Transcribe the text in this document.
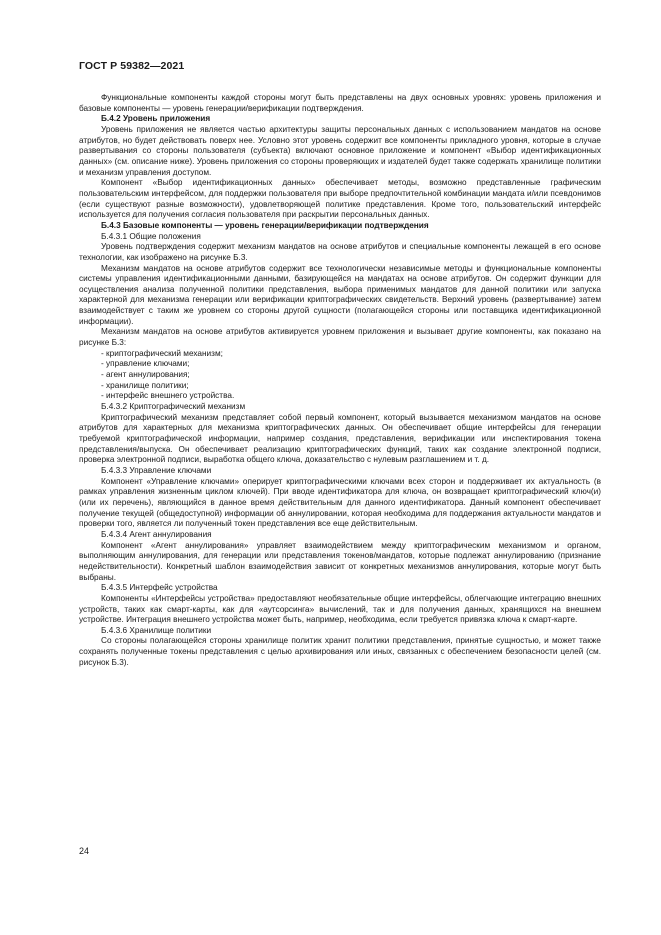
ГОСТ Р 59382—2021

Функциональные компоненты каждой стороны могут быть представлены на двух основных уровнях: уровень приложения и базовые компоненты — уровень генерации/верификации подтверждения.

Б.4.2 Уровень приложения

Уровень приложения не является частью архитектуры защиты персональных данных с использованием мандатов на основе атрибутов, но будет действовать поверх нее. Условно этот уровень содержит все компоненты прикладного уровня, которые в случае развертывания со стороны пользователя (субъекта) включают основное приложение и компонент «Выбор идентификационных данных» (см. описание ниже). Уровень приложения со стороны проверяющих и издателей будет также содержать хранилище политики и механизм управления доступом.

Компонент «Выбор идентификационных данных» обеспечивает методы, возможно представленные графическим пользовательским интерфейсом, для поддержки пользователя при выборе предпочтительной комбинации мандата и/или псевдонимов (если существуют разные возможности), удовлетворяющей политике представления. Кроме того, пользовательский интерфейс используется для получения согласия пользователя при раскрытии персональных данных.

Б.4.3 Базовые компоненты — уровень генерации/верификации подтверждения

Б.4.3.1 Общие положения

Уровень подтверждения содержит механизм мандатов на основе атрибутов и специальные компоненты лежащей в его основе технологии, как изображено на рисунке Б.3.

Механизм мандатов на основе атрибутов содержит все технологически независимые методы и функциональные компоненты системы управления идентификационными данными, базирующейся на мандатах на основе атрибутов. Он содержит функции для осуществления анализа полученной политики представления, выбора применимых мандатов для данной политики или запуска характерной для механизма генерации или верификации криптографических свидетельств. Верхний уровень (развертывание) затем взаимодействует с таким же уровнем со стороны другой сущности (полагающейся стороны или поставщика идентификационной информации).

Механизм мандатов на основе атрибутов активируется уровнем приложения и вызывает другие компоненты, как показано на рисунке Б.3:

- криптографический механизм;

- управление ключами;

- агент аннулирования;

- хранилище политики;

- интерфейс внешнего устройства.

Б.4.3.2 Криптографический механизм

Криптографический механизм представляет собой первый компонент, который вызывается механизмом мандатов на основе атрибутов для характерных для механизма криптографических данных. Он обеспечивает общие интерфейсы для генерации требуемой криптографической информации, например создания, представления, верификации или инспектирования токена представления/выпуска. Он обеспечивает реализацию криптографических функций, таких как создание электронной подписи, проверка электронной подписи, выработка общего ключа, доказательство с нулевым разглашением и т. д.

Б.4.3.3 Управление ключами

Компонент «Управление ключами» оперирует криптографическими ключами всех сторон и поддерживает их актуальность (в рамках управления жизненным циклом ключей). При вводе идентификатора для ключа, он возвращает криптографический ключ(и) (или их перечень), являющийся в данное время действительным для данного идентификатора. Данный компонент обеспечивает получение текущей (общедоступной) информации об аннулировании, которая необходима для поддержания актуальности мандатов и проверки того, является ли полученный токен представления все еще действительным.

Б.4.3.4 Агент аннулирования

Компонент «Агент аннулирования» управляет взаимодействием между криптографическим механизмом и органом, выполняющим аннулирования, для генерации или представления токенов/мандатов, которые подлежат аннулированию (признание недействительности). Конкретный шаблон взаимодействия зависит от конкретных механизмов аннулирования, которые могут быть выбраны.

Б.4.3.5 Интерфейс устройства

Компоненты «Интерфейсы устройства» предоставляют необязательные общие интерфейсы, облегчающие интеграцию внешних устройств, таких как смарт-карты, как для «аутсорсинга» вычислений, так и для получения данных, хранящихся на внешнем устройстве. Интеграция внешнего устройства может быть, например, необходима, если требуется привязка ключа к смарт-карте.

Б.4.3.6 Хранилище политики

Со стороны полагающейся стороны хранилище политик хранит политики представления, принятые сущностью, и может также сохранять полученные токены представления с целью архивирования или иных, связанных с обеспечением безопасности целей (см. рисунок Б.3).

24
